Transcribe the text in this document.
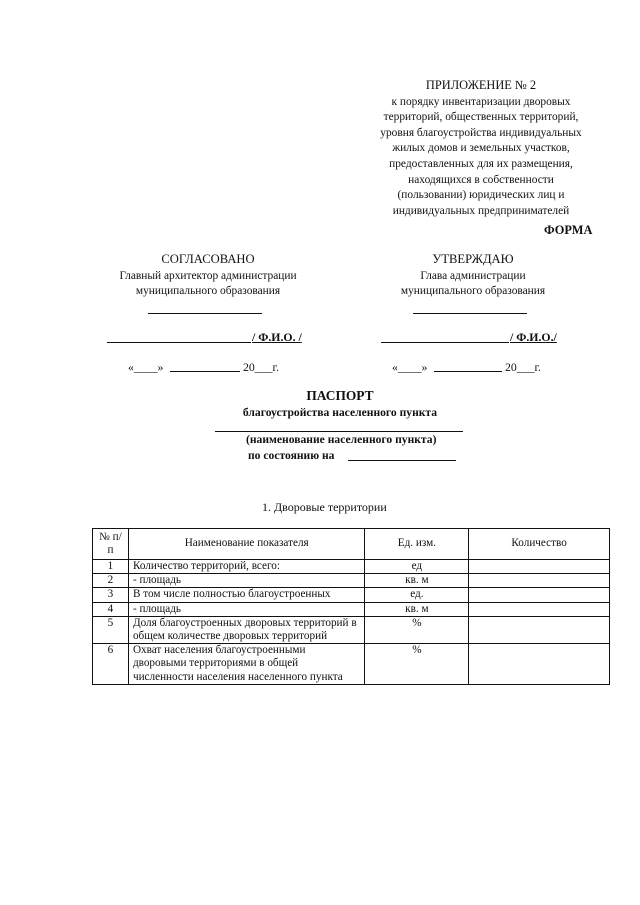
ПРИЛОЖЕНИЕ № 2
к порядку инвентаризации дворовых
территорий, общественных территорий,
уровня благоустройства индивидуальных
жилых домов и земельных участков,
предоставленных для их размещения,
находящихся в собственности
(пользовании) юридических лиц и
индивидуальных предпринимателей
ФОРМА
СОГЛАСОВАНО
Главный архитектор администрации
муниципального образования
/ Ф.И.О. /
«____»	20___г.
УТВЕРЖДАЮ
Глава администрации
муниципального образования
/ Ф.И.О./
«____»	20___г.
ПАСПОРТ
благоустройства населенного пункта
(наименование населенного пункта)
по состоянию на
1. Дворовые территории
№ п/п	Наименование показателя	Ед. изм.	Количество
1	Количество территорий, всего:	ед	
2	- площадь	кв. м	
3	В том числе полностью благоустроенных	ед.	
4	- площадь	кв. м	
5	Доля благоустроенных дворовых территорий в общем количестве дворовых территорий	%	
6	Охват населения благоустроенными дворовыми территориями в общей численности населения населенного пункта	%	
